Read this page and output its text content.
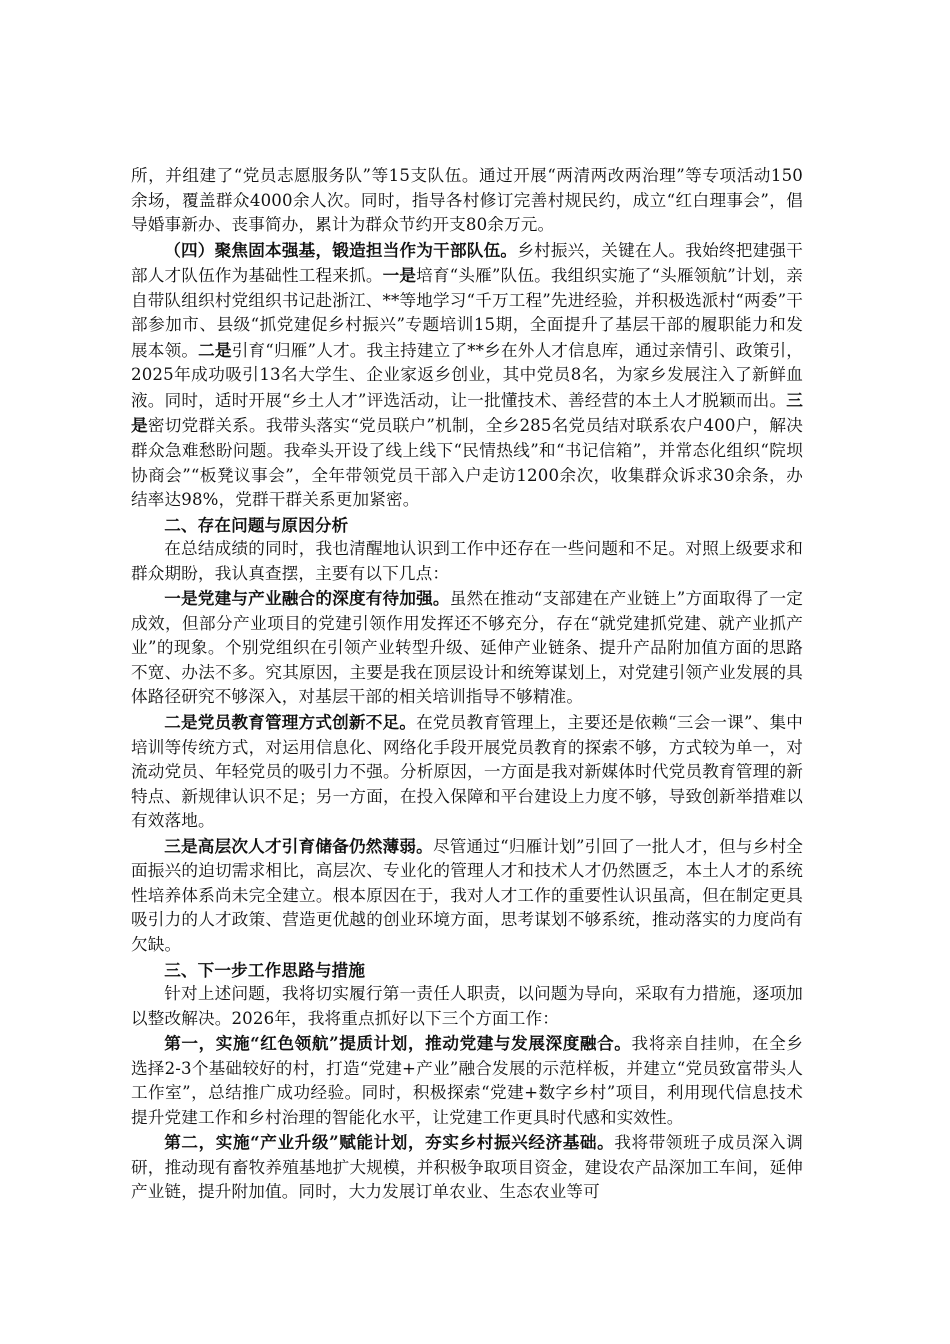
所，并组建了“党员志愿服务队”等15支队伍。通过开展“两清两改两治理”等专项活动150余场，覆盖群众4000余人次。同时，指导各村修订完善村规民约，成立“红白理事会”，倡导婚事新办、丧事简办，累计为群众节约开支80余万元。

（四）聚焦固本强基，锻造担当作为干部队伍。乡村振兴，关键在人。我始终把建强干部人才队伍作为基础性工程来抓。一是培育“头雁”队伍。我组织实施了“头雁领航”计划，亲自带队组织村党组织书记赴浙江、**等地学习“千万工程”先进经验，并积极选派村“两委”干部参加市、县级“抓党建促乡村振兴”专题培训15期，全面提升了基层干部的履职能力和发展本领。二是引育“归雁”人才。我主持建立了**乡在外人才信息库，通过亲情引、政策引，2025年成功吸引13名大学生、企业家返乡创业，其中党员8名，为家乡发展注入了新鲜血液。同时，适时开展“乡土人才”评选活动，让一批懂技术、善经营的本土人才脱颖而出。三是密切党群关系。我带头落实“党员联户”机制，全乡285名党员结对联系农户400户，解决群众急难愁盼问题。我牵头开设了线上线下“民情热线”和“书记信箱”，并常态化组织“院坝协商会”“板凳议事会”，全年带领党员干部入户走访1200余次，收集群众诉求30余条，办结率达98%，党群干群关系更加紧密。

二、存在问题与原因分析

在总结成绩的同时，我也清醒地认识到工作中还存在一些问题和不足。对照上级要求和群众期盼，我认真查摆，主要有以下几点：

一是党建与产业融合的深度有待加强。虽然在推动“支部建在产业链上”方面取得了一定成效，但部分产业项目的党建引领作用发挥还不够充分，存在“就党建抓党建、就产业抓产业”的现象。个别党组织在引领产业转型升级、延伸产业链条、提升产品附加值方面的思路不宽、办法不多。究其原因，主要是我在顶层设计和统筹谋划上，对党建引领产业发展的具体路径研究不够深入，对基层干部的相关培训指导不够精准。

二是党员教育管理方式创新不足。在党员教育管理上，主要还是依赖“三会一课”、集中培训等传统方式，对运用信息化、网络化手段开展党员教育的探索不够，方式较为单一，对流动党员、年轻党员的吸引力不强。分析原因，一方面是我对新媒体时代党员教育管理的新特点、新规律认识不足；另一方面，在投入保障和平台建设上力度不够，导致创新举措难以有效落地。

三是高层次人才引育储备仍然薄弱。尽管通过“归雁计划”引回了一批人才，但与乡村全面振兴的迫切需求相比，高层次、专业化的管理人才和技术人才仍然匮乏，本土人才的系统性培养体系尚未完全建立。根本原因在于，我对人才工作的重要性认识虽高，但在制定更具吸引力的人才政策、营造更优越的创业环境方面，思考谋划不够系统，推动落实的力度尚有欠缺。

三、下一步工作思路与措施

针对上述问题，我将切实履行第一责任人职责，以问题为导向，采取有力措施，逐项加以整改解决。2026年，我将重点抓好以下三个方面工作：

第一，实施“红色领航”提质计划，推动党建与发展深度融合。我将亲自挂帅，在全乡选择2-3个基础较好的村，打造“党建+产业”融合发展的示范样板，并建立“党员致富带头人工作室”，总结推广成功经验。同时，积极探索“党建+数字乡村”项目，利用现代信息技术提升党建工作和乡村治理的智能化水平，让党建工作更具时代感和实效性。

第二，实施“产业升级”赋能计划，夯实乡村振兴经济基础。我将带领班子成员深入调研，推动现有畜牧养殖基地扩大规模，并积极争取项目资金，建设农产品深加工车间，延伸产业链，提升附加值。同时，大力发展订单农业、生态农业等可
